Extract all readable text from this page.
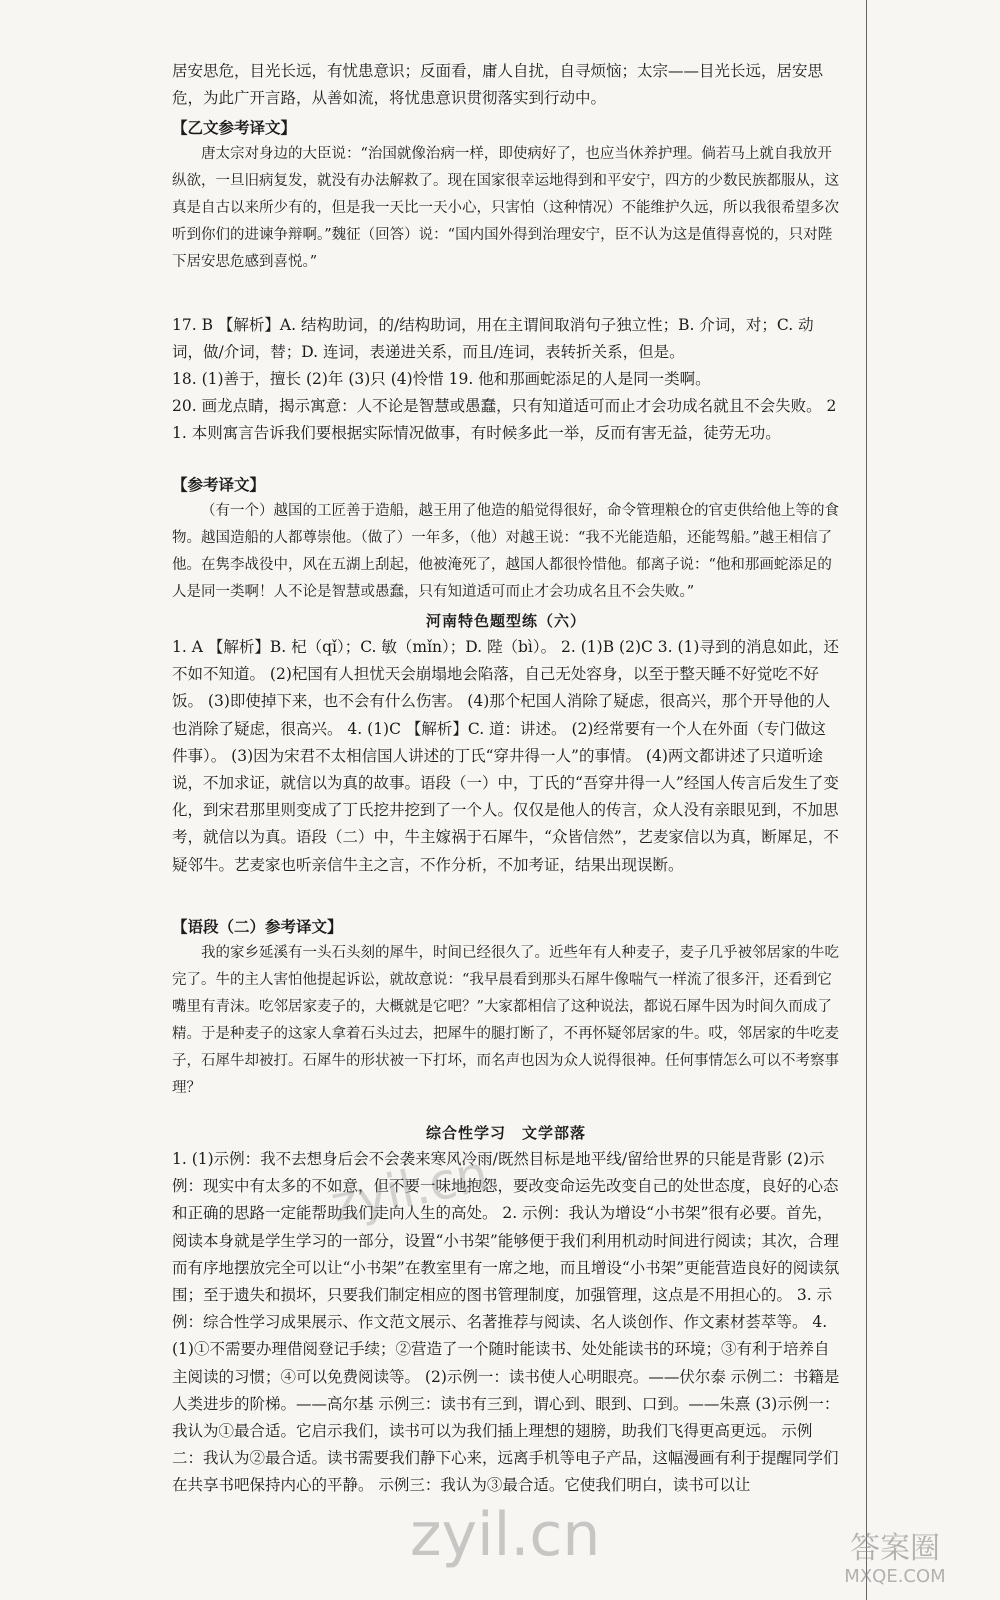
居安思危，目光长远，有忧患意识；反面看，庸人自扰，自寻烦恼；太宗——目光长远，居安思危，为此广开言路，从善如流，将忧患意识贯彻落实到行动中。

【乙文参考译文】

唐太宗对身边的大臣说：“治国就像治病一样，即使病好了，也应当休养护理。倘若马上就自我放开纵欲，一旦旧病复发，就没有办法解救了。现在国家很幸运地得到和平安宁，四方的少数民族都服从，这真是自古以来所少有的，但是我一天比一天小心，只害怕（这种情况）不能维护久远，所以我很希望多次听到你们的进谏争辩啊。”魏征（回答）说：“国内国外得到治理安宁，臣不认为这是值得喜悦的，只对陛下居安思危感到喜悦。”

17. B 【解析】A. 结构助词，的/结构助词，用在主谓间取消句子独立性；B. 介词，对；C. 动词，做/介词，替；D. 连词，表递进关系，而且/连词，表转折关系，但是。

18. (1)善于，擅长 (2)年 (3)只 (4)怜惜 19. 他和那画蛇添足的人是同一类啊。

20. 画龙点睛，揭示寓意：人不论是智慧或愚蠢，只有知道适可而止才会功成名就且不会失败。 21. 本则寓言告诉我们要根据实际情况做事，有时候多此一举，反而有害无益，徒劳无功。

【参考译文】

（有一个）越国的工匠善于造船，越王用了他造的船觉得很好，命令管理粮仓的官吏供给他上等的食物。越国造船的人都尊崇他。（做了）一年多，（他）对越王说：“我不光能造船，还能驾船。”越王相信了他。在隽李战役中，风在五湖上刮起，他被淹死了，越国人都很怜惜他。郁离子说：“他和那画蛇添足的人是同一类啊！人不论是智慧或愚蠢，只有知道适可而止才会功成名且不会失败。”

河南特色题型练（六）

1. A 【解析】B. 杞（qǐ）；C. 敏（mǐn）；D. 陛（bì）。 2. (1)B (2)C 3. (1)寻到的消息如此，还不如不知道。 (2)杞国有人担忧天会崩塌地会陷落，自己无处容身，以至于整天睡不好觉吃不好饭。 (3)即使掉下来，也不会有什么伤害。 (4)那个杞国人消除了疑虑，很高兴，那个开导他的人也消除了疑虑，很高兴。 4. (1)C 【解析】C. 道：讲述。 (2)经常要有一个人在外面（专门做这件事）。 (3)因为宋君不太相信国人讲述的丁氏“穿井得一人”的事情。 (4)两文都讲述了只道听途说，不加求证，就信以为真的故事。语段（一）中，丁氏的“吾穿井得一人”经国人传言后发生了变化，到宋君那里则变成了丁氏挖井挖到了一个人。仅仅是他人的传言，众人没有亲眼见到，不加思考，就信以为真。语段（二）中，牛主嫁祸于石犀牛，“众皆信然”，艺麦家信以为真，断犀足，不疑邻牛。艺麦家也听亲信牛主之言，不作分析，不加考证，结果出现误断。

【语段（二）参考译文】

我的家乡延溪有一头石头刻的犀牛，时间已经很久了。近些年有人种麦子，麦子几乎被邻居家的牛吃完了。牛的主人害怕他提起诉讼，就故意说：“我早晨看到那头石犀牛像喘气一样流了很多汗，还看到它嘴里有青沫。吃邻居家麦子的，大概就是它吧？”大家都相信了这种说法，都说石犀牛因为时间久而成了精。于是种麦子的这家人拿着石头过去，把犀牛的腿打断了，不再怀疑邻居家的牛。哎，邻居家的牛吃麦子，石犀牛却被打。石犀牛的形状被一下打坏，而名声也因为众人说得很神。任何事情怎么可以不考察事理？

综合性学习　文学部落

1. (1)示例：我不去想身后会不会袭来寒风冷雨/既然目标是地平线/留给世界的只能是背影 (2)示例：现实中有太多的不如意，但不要一味地抱怨，要改变命运先改变自己的处世态度，良好的心态和正确的思路一定能帮助我们走向人生的高处。 2. 示例：我认为增设“小书架”很有必要。首先，阅读本身就是学生学习的一部分，设置“小书架”能够便于我们利用机动时间进行阅读；其次，合理而有序地摆放完全可以让“小书架”在教室里有一席之地，而且增设“小书架”更能营造良好的阅读氛围；至于遗失和损坏，只要我们制定相应的图书管理制度，加强管理，这点是不用担心的。 3. 示例：综合性学习成果展示、作文范文展示、名著推荐与阅读、名人谈创作、作文素材荟萃等。 4. (1)①不需要办理借阅登记手续；②营造了一个随时能读书、处处能读书的环境；③有利于培养自主阅读的习惯；④可以免费阅读等。 (2)示例一：读书使人心明眼亮。——伏尔泰 示例二：书籍是人类进步的阶梯。——高尔基 示例三：读书有三到，谓心到、眼到、口到。——朱熹 (3)示例一：我认为①最合适。它启示我们，读书可以为我们插上理想的翅膀，助我们飞得更高更远。 示例二：我认为②最合适。读书需要我们静下心来，远离手机等电子产品，这幅漫画有利于提醒同学们在共享书吧保持内心的平静。 示例三：我认为③最合适。它使我们明白，读书可以让

zyil.cn
zyil.cn	答案圈
MXQE.COM
